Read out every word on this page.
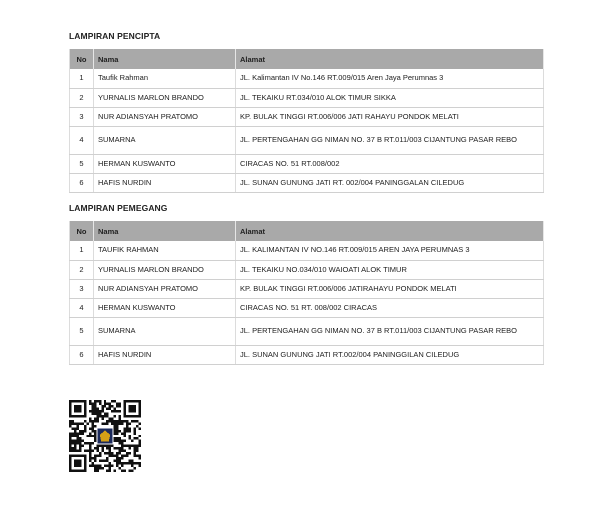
LAMPIRAN PENCIPTA
No	Nama	Alamat
1	Taufik Rahman	JL. Kalimantan IV No.146 RT.009/015 Aren Jaya Perumnas 3
2	YURNALIS MARLON BRANDO	JL. TEKAIKU RT.034/010 ALOK TIMUR SIKKA
3	NUR ADIANSYAH PRATOMO	KP. BULAK TINGGI RT.006/006 JATI RAHAYU PONDOK MELATI
4	SUMARNA	JL. PERTENGAHAN GG NIMAN NO. 37 B RT.011/003 CIJANTUNG PASAR REBO
5	HERMAN KUSWANTO	CIRACAS NO. 51 RT.008/002
6	HAFIS NURDIN	JL. SUNAN GUNUNG JATI RT. 002/004 PANINGGALAN CILEDUG
LAMPIRAN PEMEGANG
No	Nama	Alamat
1	TAUFIK RAHMAN	JL. KALIMANTAN IV NO.146 RT.009/015 AREN JAYA PERUMNAS 3
2	YURNALIS MARLON BRANDO	JL. TEKAIKU NO.034/010 WAIOATI ALOK TIMUR
3	NUR ADIANSYAH PRATOMO	KP. BULAK TINGGI RT.006/006 JATIRAHAYU PONDOK MELATI
4	HERMAN KUSWANTO	CIRACAS NO. 51 RT. 008/002 CIRACAS
5	SUMARNA	JL. PERTENGAHAN GG NIMAN NO. 37 B RT.011/003 CIJANTUNG PASAR REBO
6	HAFIS NURDIN	JL. SUNAN GUNUNG JATI RT.002/004 PANINGGILAN CILEDUG
